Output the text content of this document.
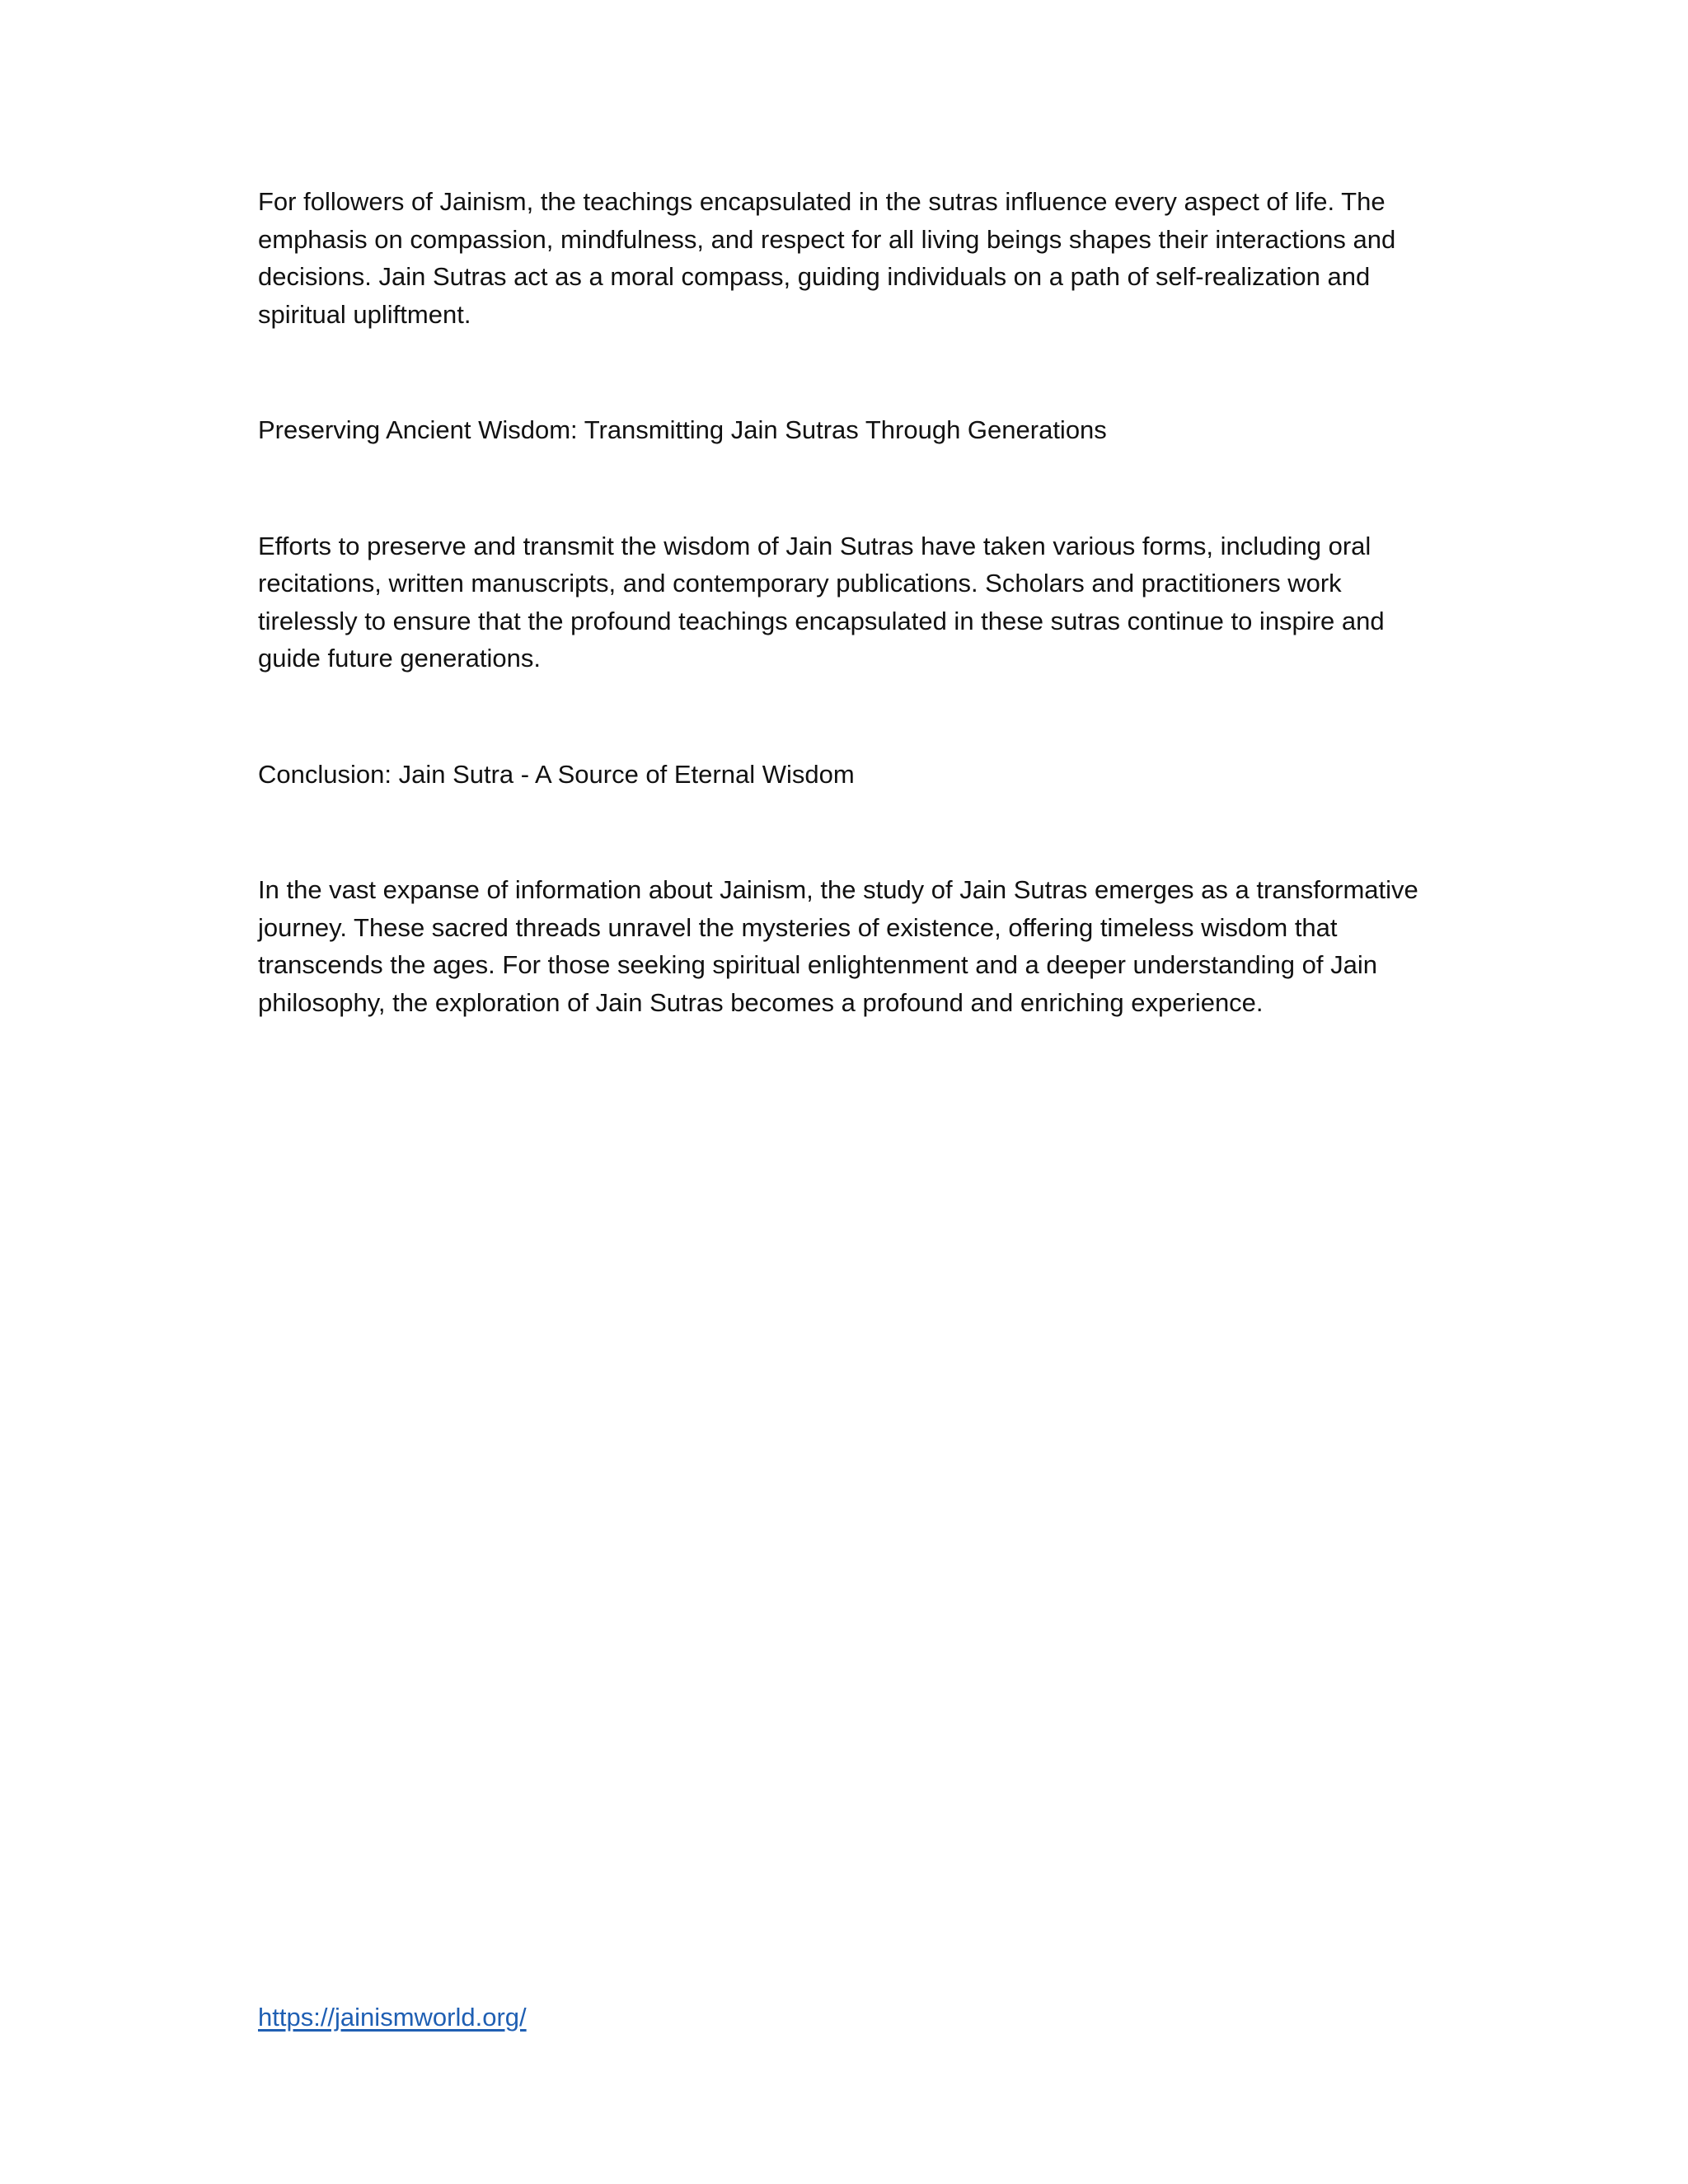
For followers of Jainism, the teachings encapsulated in the sutras influence every aspect of life. The emphasis on compassion, mindfulness, and respect for all living beings shapes their interactions and decisions. Jain Sutras act as a moral compass, guiding individuals on a path of self-realization and spiritual upliftment.

Preserving Ancient Wisdom: Transmitting Jain Sutras Through Generations

Efforts to preserve and transmit the wisdom of Jain Sutras have taken various forms, including oral recitations, written manuscripts, and contemporary publications. Scholars and practitioners work tirelessly to ensure that the profound teachings encapsulated in these sutras continue to inspire and guide future generations.

Conclusion: Jain Sutra - A Source of Eternal Wisdom

In the vast expanse of information about Jainism, the study of Jain Sutras emerges as a transformative journey. These sacred threads unravel the mysteries of existence, offering timeless wisdom that transcends the ages. For those seeking spiritual enlightenment and a deeper understanding of Jain philosophy, the exploration of Jain Sutras becomes a profound and enriching experience.

https://jainismworld.org/
